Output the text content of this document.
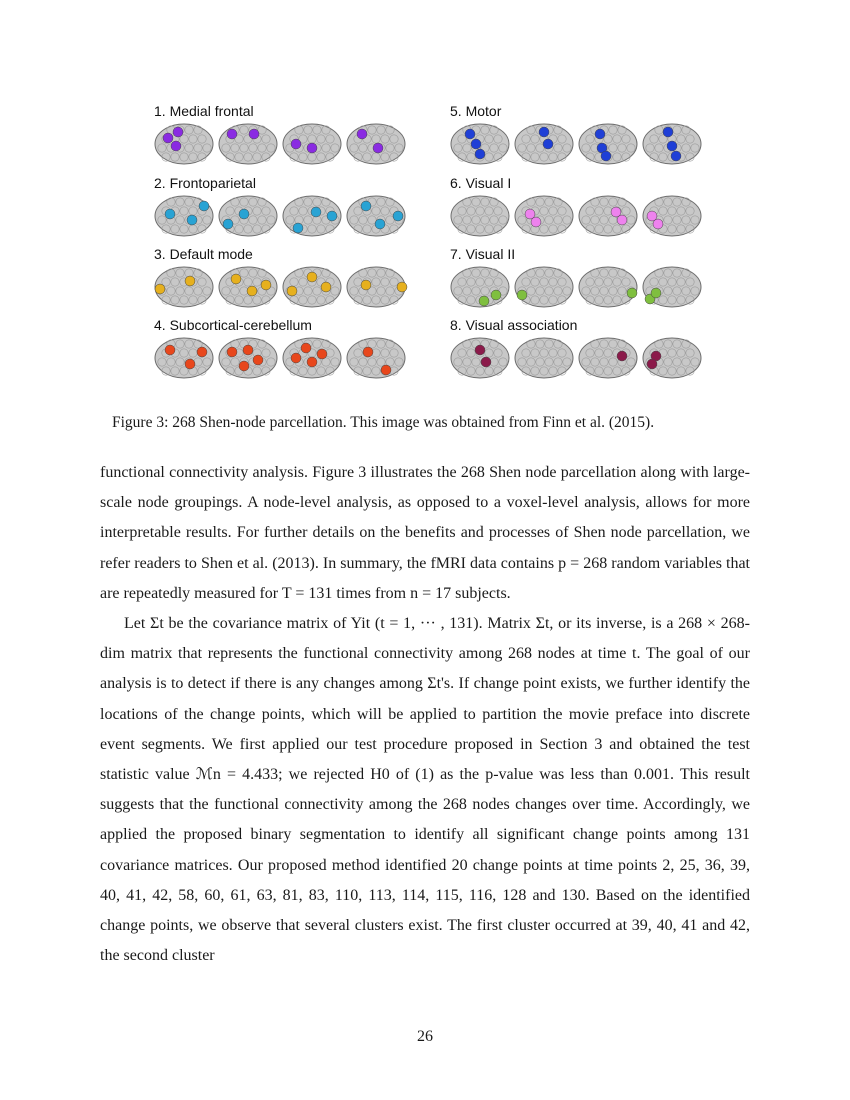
1. Medial frontal
2. Frontoparietal
3. Default mode
4. Subcortical-cerebellum
5. Motor
6. Visual I
7. Visual II
8. Visual association
Figure 3: 268 Shen-node parcellation. This image was obtained from Finn et al. (2015).

functional connectivity analysis. Figure 3 illustrates the 268 Shen node parcellation along with large-scale node groupings. A node-level analysis, as opposed to a voxel-level analysis, allows for more interpretable results. For further details on the benefits and processes of Shen node parcellation, we refer readers to Shen et al. (2013). In summary, the fMRI data contains p = 268 random variables that are repeatedly measured for T = 131 times from n = 17 subjects.

Let Σt be the covariance matrix of Yit (t = 1, ··· , 131). Matrix Σt, or its inverse, is a 268 × 268-dim matrix that represents the functional connectivity among 268 nodes at time t. The goal of our analysis is to detect if there is any changes among Σt's. If change point exists, we further identify the locations of the change points, which will be applied to partition the movie preface into discrete event segments. We first applied our test procedure proposed in Section 3 and obtained the test statistic value ℳn = 4.433; we rejected H0 of (1) as the p-value was less than 0.001. This result suggests that the functional connectivity among the 268 nodes changes over time. Accordingly, we applied the proposed binary segmentation to identify all significant change points among 131 covariance matrices. Our proposed method identified 20 change points at time points 2, 25, 36, 39, 40, 41, 42, 58, 60, 61, 63, 81, 83, 110, 113, 114, 115, 116, 128 and 130. Based on the identified change points, we observe that several clusters exist. The first cluster occurred at 39, 40, 41 and 42, the second cluster

26
